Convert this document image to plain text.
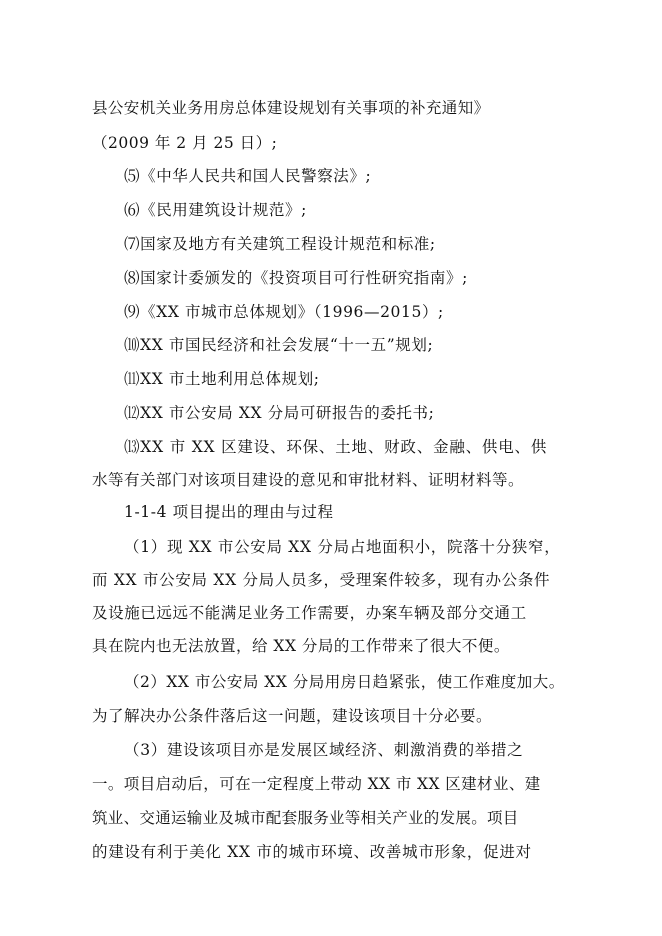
县公安机关业务用房总体建设规划有关事项的补充通知》
（2009 年 2 月 25 日）;
⑸《中华人民共和国人民警察法》;
⑹《民用建筑设计规范》;
⑺国家及地方有关建筑工程设计规范和标准;
⑻国家计委颁发的《投资项目可行性研究指南》;
⑼《XX 市城市总体规划》（1996—2015）;
⑽XX 市国民经济和社会发展“十一五”规划;
⑾XX 市土地利用总体规划;
⑿XX 市公安局 XX 分局可研报告的委托书;
⒀XX 市 XX 区建设、环保、土地、财政、金融、供电、供
水等有关部门对该项目建设的意见和审批材料、证明材料等。
1-1-4 项目提出的理由与过程
（1）现 XX 市公安局 XX 分局占地面积小，院落十分狭窄，
而 XX 市公安局 XX 分局人员多，受理案件较多，现有办公条件
及设施已远远不能满足业务工作需要，办案车辆及部分交通工
具在院内也无法放置，给 XX 分局的工作带来了很大不便。
（2）XX 市公安局 XX 分局用房日趋紧张，使工作难度加大。
为了解决办公条件落后这一问题，建设该项目十分必要。
（3）建设该项目亦是发展区域经济、刺激消费的举措之
一。项目启动后，可在一定程度上带动 XX 市 XX 区建材业、建
筑业、交通运输业及城市配套服务业等相关产业的发展。项目
的建设有利于美化 XX 市的城市环境、改善城市形象，促进对
